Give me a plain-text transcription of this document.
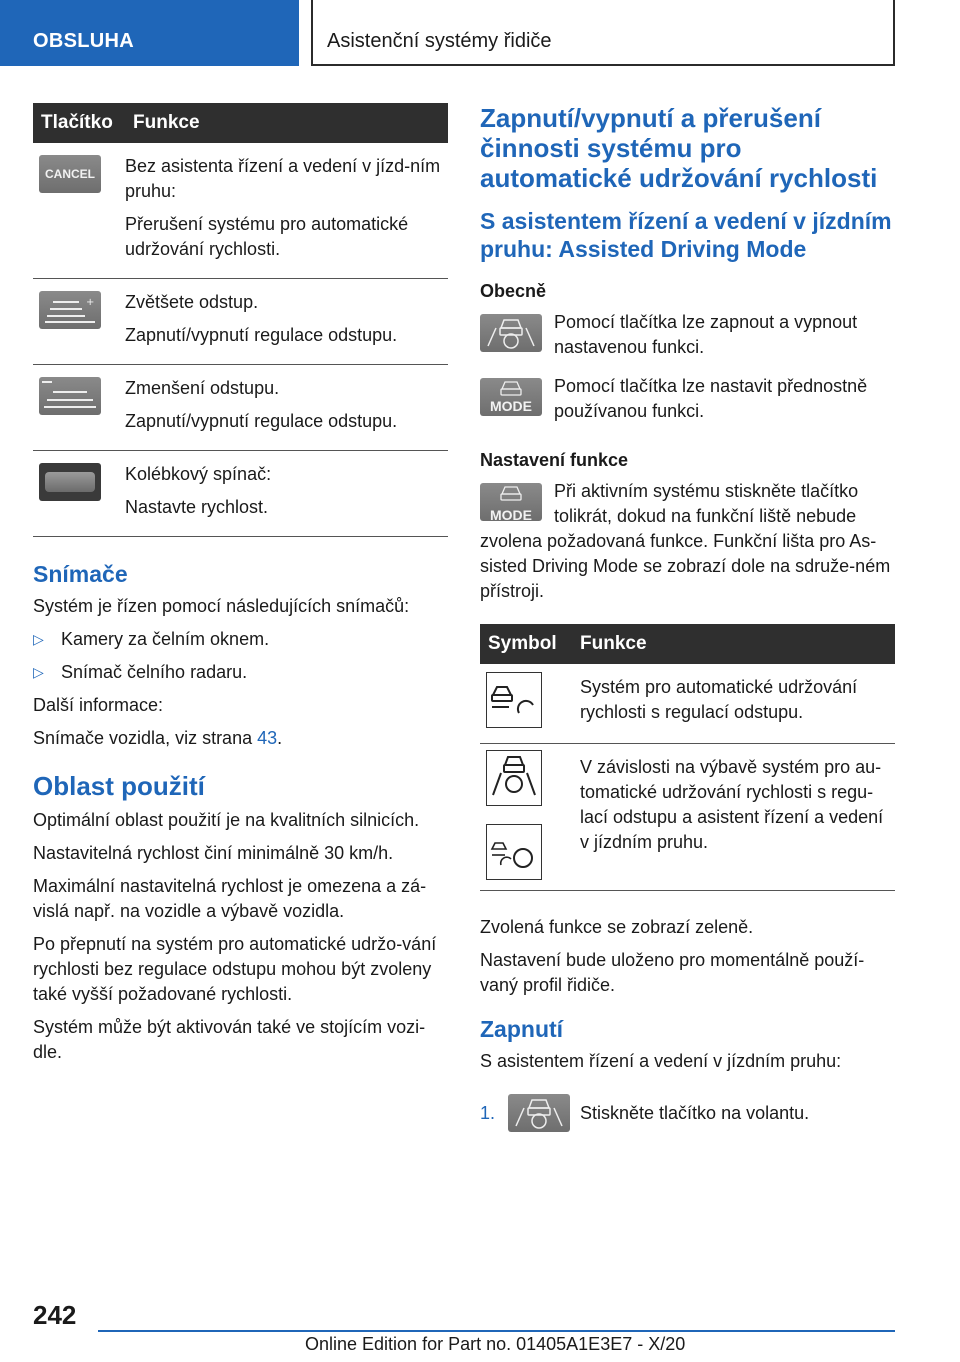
OBSLUHA	Asistenční systémy řidiče
Tlačítko	Funkce

CANCEL	Bez asistenta řízení a vedení v jízd-ním pruhu:

Přerušení systému pro automatické udržování rychlosti.

+	Zvětšete odstup.

Zapnutí/vypnutí regulace odstupu.

Zmenšení odstupu.

Zapnutí/vypnutí regulace odstupu.

	Kolébkový spínač:

Nastavte rychlost.

Snímače

Systém je řízen pomocí následujících snímačů:

▷ Kamery za čelním oknem.
▷ Snímač čelního radaru.

Další informace:

Snímače vozidla, viz strana 43.

Oblast použití

Optimální oblast použití je na kvalitních silnicích.

Nastavitelná rychlost činí minimálně 30 km/h.

Maximální nastavitelná rychlost je omezena a zá-vislá např. na vozidle a výbavě vozidla.

Po přepnutí na systém pro automatické udržo-vání rychlosti bez regulace odstupu mohou být zvoleny také vyšší požadované rychlosti.

Systém může být aktivován také ve stojícím vozi-dle.

Zapnutí/vypnutí a přerušení činnosti systému pro automatické udržování rychlosti
S asistentem řízení a vedení v jízdním pruhu: Assisted Driving Mode
Obecně
Pomocí tlačítka lze zapnout a vypnout nastavenou funkci.
MODE
Pomocí tlačítka lze nastavit přednostně používanou funkci.
Nastavení funkce
MODE
Při aktivním systému stiskněte tlačítko tolikrát, dokud na funkční liště nebude zvolena požadovaná funkce. Funkční lišta pro As-sisted Driving Mode se zobrazí dole na sdruže-ném přístroji.
Symbol	Funkce

Systém pro automatické udržování rychlosti s regulací odstupu.

V závislosti na výbavě systém pro au-tomatické udržování rychlosti s regu-lací odstupu a asistent řízení a vedení v jízdním pruhu.

Zvolená funkce se zobrazí zeleně.

Nastavení bude uloženo pro momentálně použí-vaný profil řidiče.

Zapnutí

S asistentem řízení a vedení v jízdním pruhu:

1.	Stiskněte tlačítko na volantu.
242
Online Edition for Part no. 01405A1E3E7 - X/20
